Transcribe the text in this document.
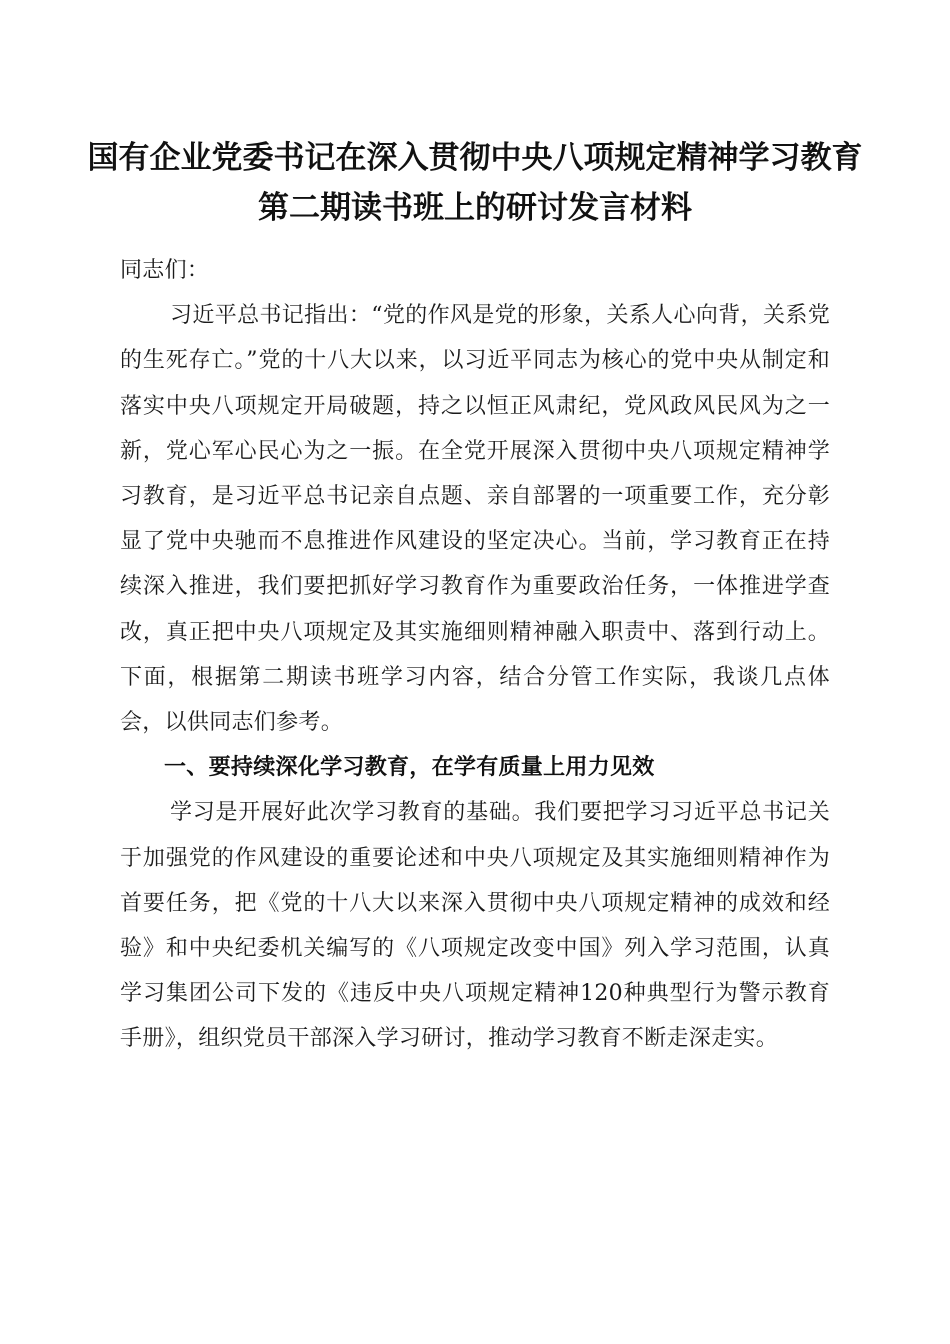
国有企业党委书记在深入贯彻中央八项规定精神学习教育第二期读书班上的研讨发言材料

同志们：

习近平总书记指出：“党的作风是党的形象，关系人心向背，关系党的生死存亡。”党的十八大以来，以习近平同志为核心的党中央从制定和落实中央八项规定开局破题，持之以恒正风肃纪，党风政风民风为之一新，党心军心民心为之一振。在全党开展深入贯彻中央八项规定精神学习教育，是习近平总书记亲自点题、亲自部署的一项重要工作，充分彰显了党中央驰而不息推进作风建设的坚定决心。当前，学习教育正在持续深入推进，我们要把抓好学习教育作为重要政治任务，一体推进学查改，真正把中央八项规定及其实施细则精神融入职责中、落到行动上。下面，根据第二期读书班学习内容，结合分管工作实际，我谈几点体会，以供同志们参考。

一、要持续深化学习教育，在学有质量上用力见效

学习是开展好此次学习教育的基础。我们要把学习习近平总书记关于加强党的作风建设的重要论述和中央八项规定及其实施细则精神作为首要任务，把《党的十八大以来深入贯彻中央八项规定精神的成效和经验》和中央纪委机关编写的《八项规定改变中国》列入学习范围，认真学习集团公司下发的《违反中央八项规定精神120种典型行为警示教育手册》，组织党员干部深入学习研讨，推动学习教育不断走深走实。
